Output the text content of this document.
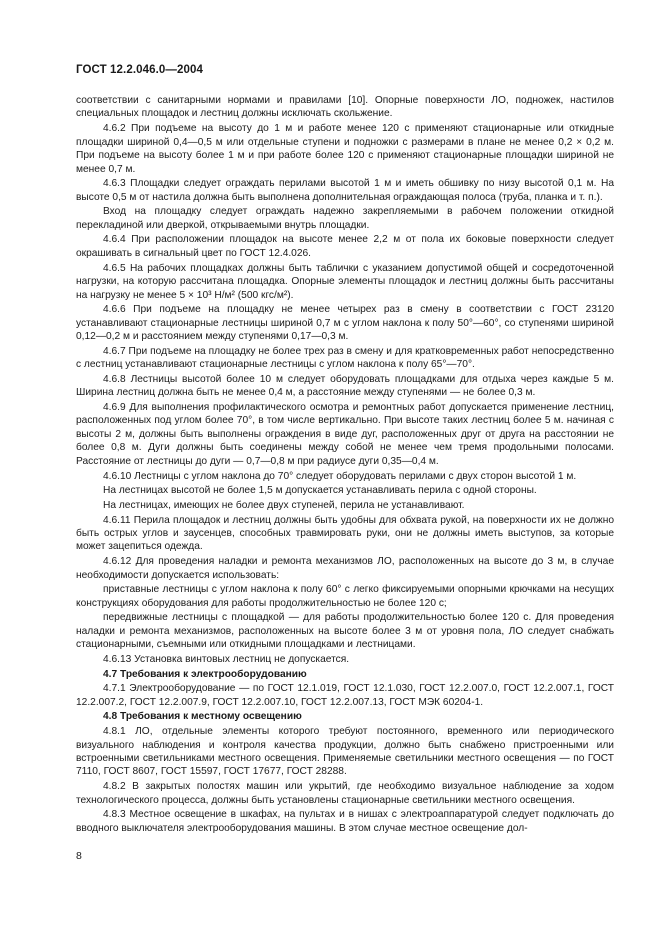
ГОСТ 12.2.046.0—2004

соответствии с санитарными нормами и правилами [10]. Опорные поверхности ЛО, подножек, настилов специальных площадок и лестниц должны исключать скольжение.

4.6.2 При подъеме на высоту до 1 м и работе менее 120 с применяют стационарные или откидные площадки шириной 0,4—0,5 м или отдельные ступени и подножки с размерами в плане не менее 0,2 × 0,2 м. При подъеме на высоту более 1 м и при работе более 120 с применяют стационарные площадки шириной не менее 0,7 м.

4.6.3 Площадки следует ограждать перилами высотой 1 м и иметь обшивку по низу высотой 0,1 м. На высоте 0,5 м от настила должна быть выполнена дополнительная ограждающая полоса (труба, планка и т. п.).

Вход на площадку следует ограждать надежно закрепляемыми в рабочем положении откидной перекладиной или дверкой, открываемыми внутрь площадки.

4.6.4 При расположении площадок на высоте менее 2,2 м от пола их боковые поверхности следует окрашивать в сигнальный цвет по ГОСТ 12.4.026.

4.6.5 На рабочих площадках должны быть таблички с указанием допустимой общей и сосредоточенной нагрузки, на которую рассчитана площадка. Опорные элементы площадок и лестниц должны быть рассчитаны на нагрузку не менее 5 × 10³ Н/м² (500 кгс/м²).

4.6.6 При подъеме на площадку не менее четырех раз в смену в соответствии с ГОСТ 23120 устанавливают стационарные лестницы шириной 0,7 м с углом наклона к полу 50°—60°, со ступенями шириной 0,12—0,2 м и расстоянием между ступенями 0,17—0,3 м.

4.6.7 При подъеме на площадку не более трех раз в смену и для кратковременных работ непосредственно с лестниц устанавливают стационарные лестницы с углом наклона к полу 65°—70°.

4.6.8 Лестницы высотой более 10 м следует оборудовать площадками для отдыха через каждые 5 м. Ширина лестниц должна быть не менее 0,4 м, а расстояние между ступенями — не более 0,3 м.

4.6.9 Для выполнения профилактического осмотра и ремонтных работ допускается применение лестниц, расположенных под углом более 70°, в том числе вертикально. При высоте таких лестниц более 5 м. начиная с высоты 2 м, должны быть выполнены ограждения в виде дуг, расположенных друг от друга на расстоянии не более 0,8 м. Дуги должны быть соединены между собой не менее чем тремя продольными полосами. Расстояние от лестницы до дуги — 0,7—0,8 м при радиусе дуги 0,35—0,4 м.

4.6.10 Лестницы с углом наклона до 70° следует оборудовать перилами с двух сторон высотой 1 м.

На лестницах высотой не более 1,5 м допускается устанавливать перила с одной стороны.

На лестницах, имеющих не более двух ступеней, перила не устанавливают.

4.6.11 Перила площадок и лестниц должны быть удобны для обхвата рукой, на поверхности их не должно быть острых углов и заусенцев, способных травмировать руки, они не должны иметь выступов, за которые может зацепиться одежда.

4.6.12 Для проведения наладки и ремонта механизмов ЛО, расположенных на высоте до 3 м, в случае необходимости допускается использовать:

приставные лестницы с углом наклона к полу 60° с легко фиксируемыми опорными крючками на несущих конструкциях оборудования для работы продолжительностью не более 120 с;

передвижные лестницы с площадкой — для работы продолжительностью более 120 с. Для проведения наладки и ремонта механизмов, расположенных на высоте более 3 м от уровня пола, ЛО следует снабжать стационарными, съемными или откидными площадками и лестницами.

4.6.13 Установка винтовых лестниц не допускается.

4.7 Требования к электрооборудованию

4.7.1 Электрооборудование — по ГОСТ 12.1.019, ГОСТ 12.1.030, ГОСТ 12.2.007.0, ГОСТ 12.2.007.1, ГОСТ 12.2.007.2, ГОСТ 12.2.007.9, ГОСТ 12.2.007.10, ГОСТ 12.2.007.13, ГОСТ МЭК 60204-1.

4.8 Требования к местному освещению

4.8.1 ЛО, отдельные элементы которого требуют постоянного, временного или периодического визуального наблюдения и контроля качества продукции, должно быть снабжено пристроенными или встроенными светильниками местного освещения. Применяемые светильники местного освещения — по ГОСТ 7110, ГОСТ 8607, ГОСТ 15597, ГОСТ 17677, ГОСТ 28288.

4.8.2 В закрытых полостях машин или укрытий, где необходимо визуальное наблюдение за ходом технологического процесса, должны быть установлены стационарные светильники местного освещения.

4.8.3 Местное освещение в шкафах, на пультах и в нишах с электроаппаратурой следует подключать до вводного выключателя электрооборудования машины. В этом случае местное освещение дол-

8
